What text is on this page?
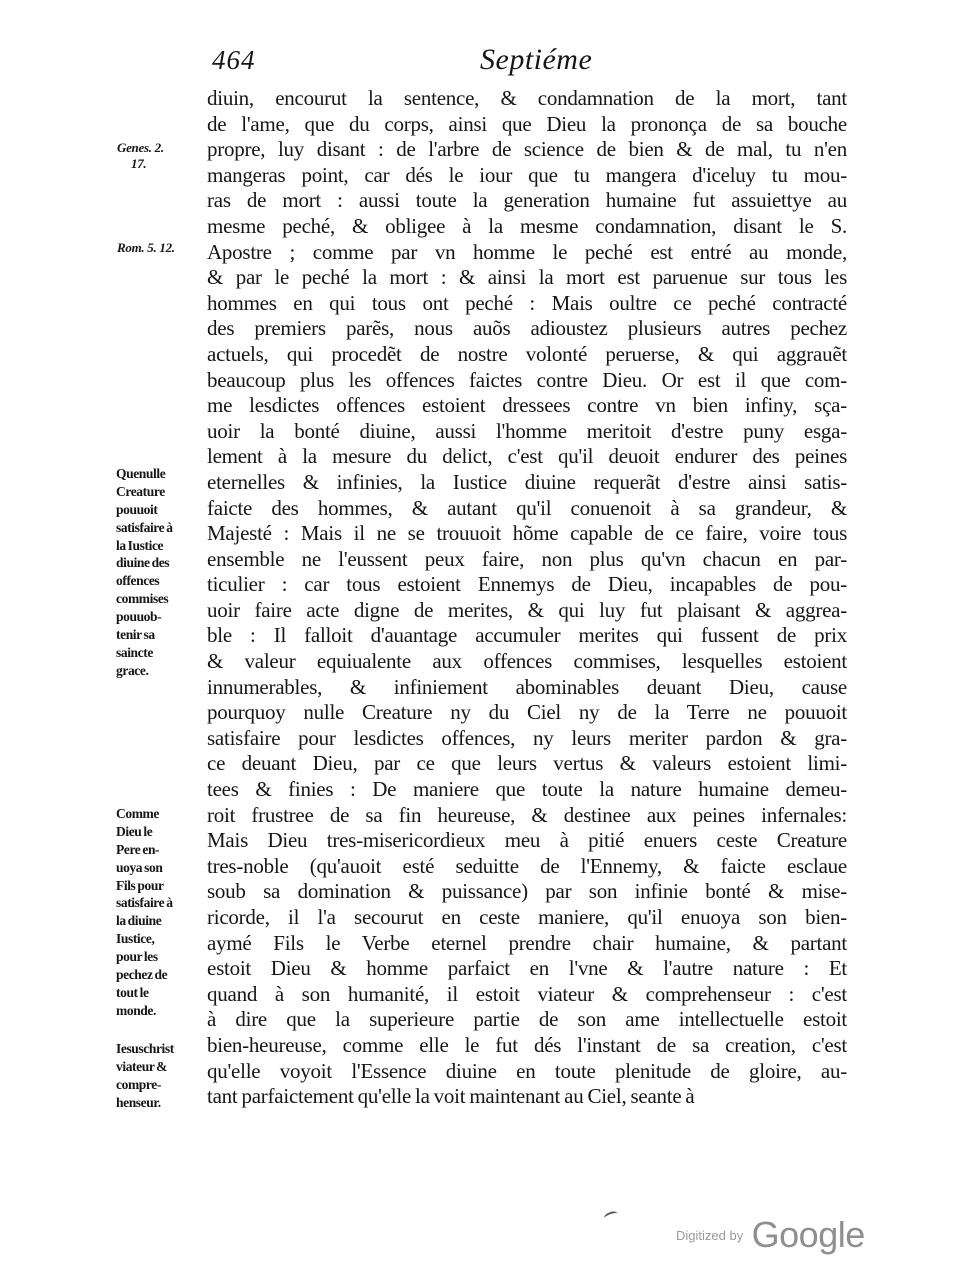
464	Septiéme
Genes. 2.
17.
Rom. 5. 12.
Quenulle
Creature
pouuoit
satisfaire à
la Iustice
diuine des
offences
commises
pouuob-
tenir sa
saincte
grace.
Comme
Dieu le
Pere en-
uoya son
Fils pour
satisfaire à
la diuine
Iustice,
pour les
pechez de
tout le
monde.
Iesuschrist
viateur &
compre-
henseur.
diuin, encourut la sentence, & condamnation de la mort, tant
de l'ame, que du corps, ainsi que Dieu la prononça de sa bouche
propre, luy disant : de l'arbre de science de bien & de mal, tu n'en
mangeras point, car dés le iour que tu mangera d'iceluy tu mou-
ras de mort : aussi toute la generation humaine fut assuiettye au
mesme peché, & obligee à la mesme condamnation, disant le S.
Apostre ; comme par vn homme le peché est entré au monde,
& par le peché la mort : & ainsi la mort est paruenue sur tous les
hommes en qui tous ont peché : Mais oultre ce peché contracté
des premiers parẽs, nous auõs adioustez plusieurs autres pechez
actuels, qui procedẽt de nostre volonté peruerse, & qui aggrauẽt
beaucoup plus les offences faictes contre Dieu. Or est il que com-
me lesdictes offences estoient dressees contre vn bien infiny, sça-
uoir la bonté diuine, aussi l'homme meritoit d'estre puny esga-
lement à la mesure du delict, c'est qu'il deuoit endurer des peines
eternelles & infinies, la Iustice diuine requerãt d'estre ainsi satis-
faicte des hommes, & autant qu'il conuenoit à sa grandeur, &
Majesté : Mais il ne se trouuoit hõme capable de ce faire, voire tous
ensemble ne l'eussent peux faire, non plus qu'vn chacun en par-
ticulier : car tous estoient Ennemys de Dieu, incapables de pou-
uoir faire acte digne de merites, & qui luy fut plaisant & aggrea-
ble : Il falloit d'auantage accumuler merites qui fussent de prix
& valeur equiualente aux offences commises, lesquelles estoient
innumerables, & infiniement abominables deuant Dieu, cause
pourquoy nulle Creature ny du Ciel ny de la Terre ne pouuoit
satisfaire pour lesdictes offences, ny leurs meriter pardon & gra-
ce deuant Dieu, par ce que leurs vertus & valeurs estoient limi-
tees & finies : De maniere que toute la nature humaine demeu-
roit frustree de sa fin heureuse, & destinee aux peines infernales:
Mais Dieu tres-misericordieux meu à pitié enuers ceste Creature
tres-noble (qu'auoit esté seduitte de l'Ennemy, & faicte esclaue
soub sa domination & puissance) par son infinie bonté & mise-
ricorde, il l'a secourut en ceste maniere, qu'il enuoya son bien-
aymé Fils le Verbe eternel prendre chair humaine, & partant
estoit Dieu & homme parfaict en l'vne & l'autre nature : Et
quand à son humanité, il estoit viateur & comprehenseur : c'est
à dire que la superieure partie de son ame intellectuelle estoit
bien-heureuse, comme elle le fut dés l'instant de sa creation, c'est
qu'elle voyoit l'Essence diuine en toute plenitude de gloire, au-
tant parfaictement qu'elle la voit maintenant au Ciel, seante à
Digitized by Google
